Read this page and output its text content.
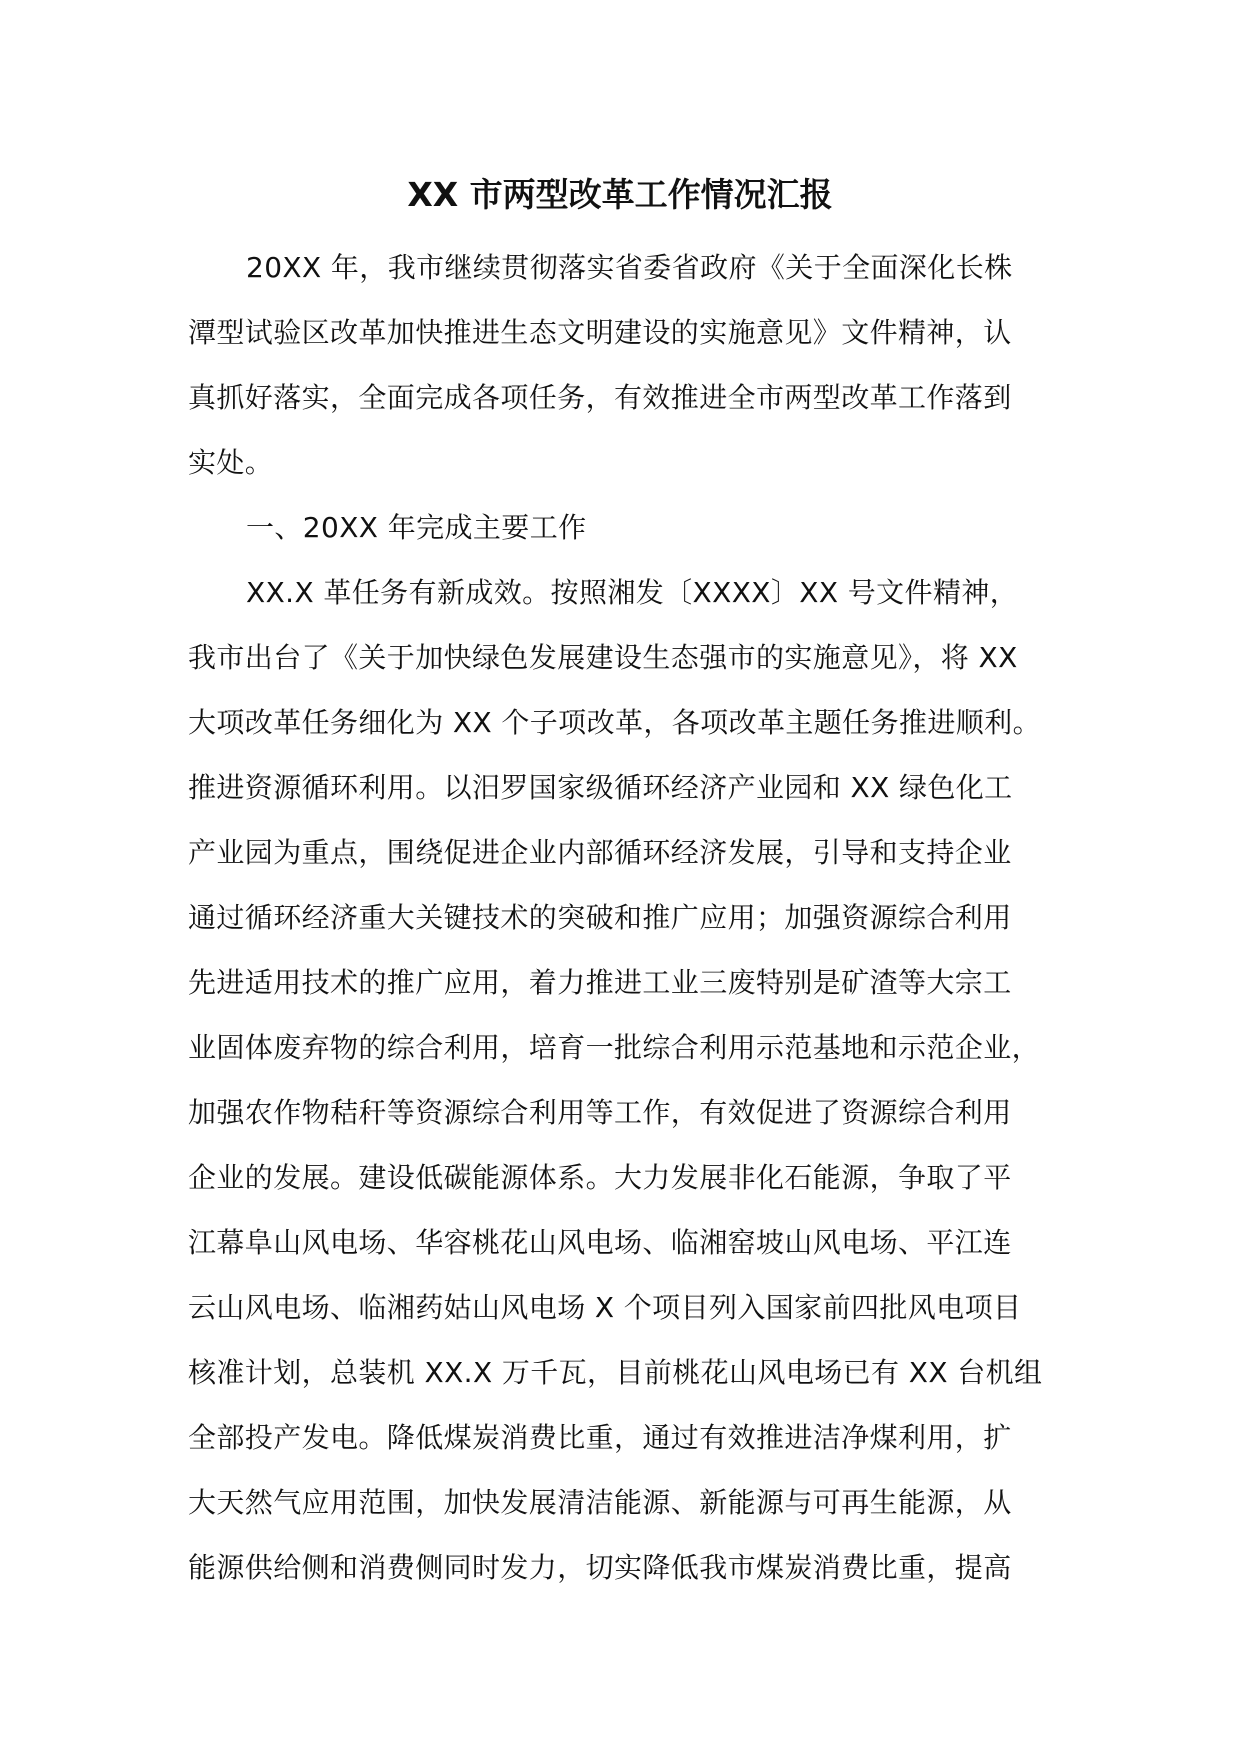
XX 市两型改革工作情况汇报
20XX 年，我市继续贯彻落实省委省政府《关于全面深化长株
潭型试验区改革加快推进生态文明建设的实施意见》文件精神，认
真抓好落实，全面完成各项任务，有效推进全市两型改革工作落到
实处。
一、20XX 年完成主要工作
XX.X 革任务有新成效。按照湘发〔XXXX〕XX 号文件精神，
我市出台了《关于加快绿色发展建设生态强市的实施意见》，将 XX
大项改革任务细化为 XX 个子项改革，各项改革主题任务推进顺利。
推进资源循环利用。以汨罗国家级循环经济产业园和 XX 绿色化工
产业园为重点，围绕促进企业内部循环经济发展，引导和支持企业
通过循环经济重大关键技术的突破和推广应用；加强资源综合利用
先进适用技术的推广应用，着力推进工业三废特别是矿渣等大宗工
业固体废弃物的综合利用，培育一批综合利用示范基地和示范企业，
加强农作物秸秆等资源综合利用等工作，有效促进了资源综合利用
企业的发展。建设低碳能源体系。大力发展非化石能源，争取了平
江幕阜山风电场、华容桃花山风电场、临湘窑坡山风电场、平江连
云山风电场、临湘药姑山风电场 X 个项目列入国家前四批风电项目
核准计划，总装机 XX.X 万千瓦，目前桃花山风电场已有 XX 台机组
全部投产发电。降低煤炭消费比重，通过有效推进洁净煤利用，扩
大天然气应用范围，加快发展清洁能源、新能源与可再生能源，从
能源供给侧和消费侧同时发力，切实降低我市煤炭消费比重，提高
